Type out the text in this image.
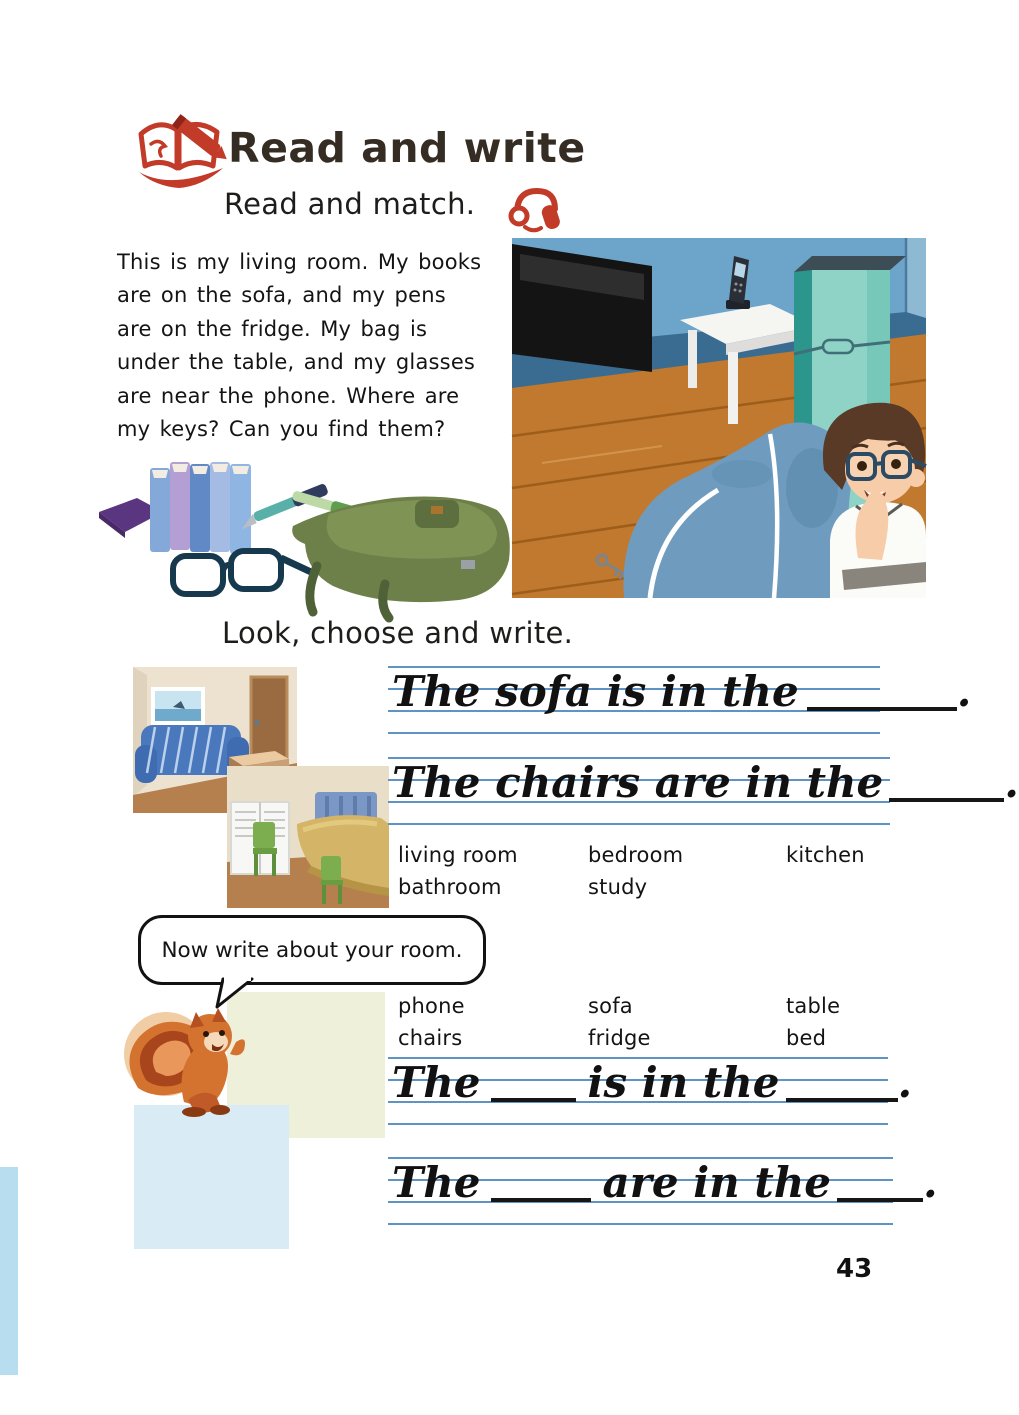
Read and write
Read and match.
This is my living room. My books
are on the sofa, and my pens
are on the fridge. My bag is
under the table, and my glasses
are near the phone. Where are
my keys? Can you find them?
Look, choose and write.
The sofa is in the	.
The chairs are in the	.
living room	bedroom	kitchen
bathroom	study
Now write about your room.
phone	sofa	table
chairs	fridge	bed
The	is in the	.
The	are in the .
43
